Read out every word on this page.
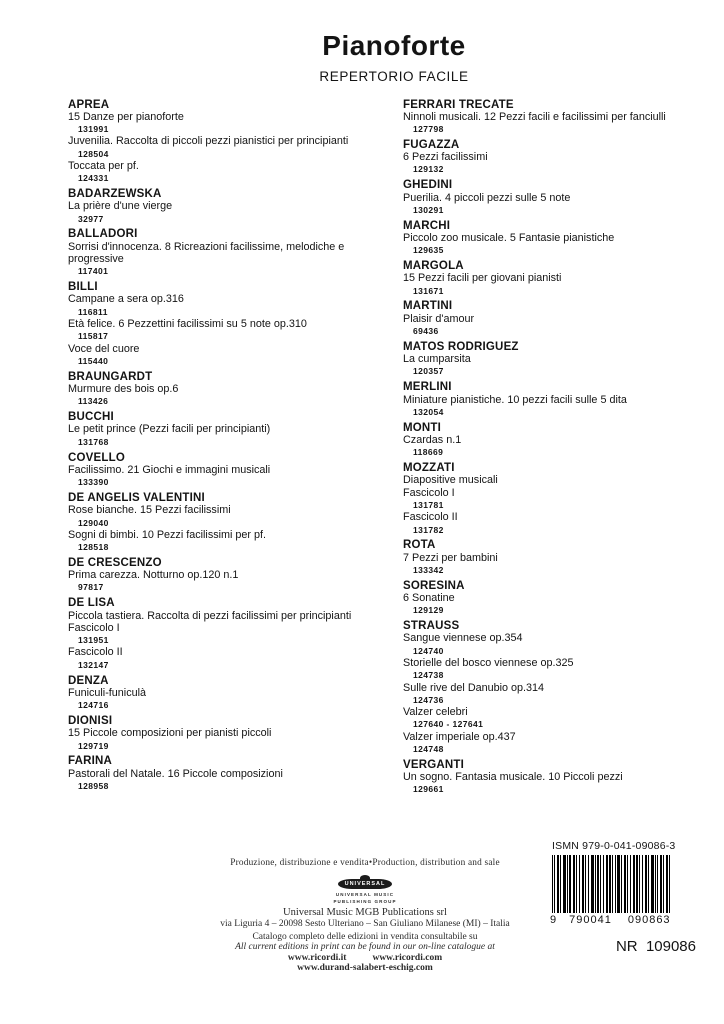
Pianoforte
REPERTORIO FACILE
APREA
15 Danze per pianoforte
131991
Juvenilia. Raccolta di piccoli pezzi pianistici per principianti
128504
Toccata per pf.
124331
BADARZEWSKA
La prière d'une vierge
32977
BALLADORI
Sorrisi d'innocenza. 8 Ricreazioni facilissime, melodiche e progressive
117401
BILLI
Campane a sera op.316
116811
Età felice. 6 Pezzettini facilissimi su 5 note op.310
115817
Voce del cuore
115440
BRAUNGARDT
Murmure des bois op.6
113426
BUCCHI
Le petit prince (Pezzi facili per principianti)
131768
COVELLO
Facilissimo. 21 Giochi e immagini musicali
133390
DE ANGELIS VALENTINI
Rose bianche. 15 Pezzi facilissimi
129040
Sogni di bimbi. 10 Pezzi facilissimi per pf.
128518
DE CRESCENZO
Prima carezza. Notturno op.120 n.1
97817
DE LISA
Piccola tastiera. Raccolta di pezzi facilissimi per principianti
Fascicolo I
131951
Fascicolo II
132147
DENZA
Funiculi-funiculà
124716
DIONISI
15 Piccole composizioni per pianisti piccoli
129719
FARINA
Pastorali del Natale. 16 Piccole composizioni
128958
FERRARI TRECATE
Ninnoli musicali. 12 Pezzi facili e facilissimi per fanciulli
127798
FUGAZZA
6 Pezzi facilissimi
129132
GHEDINI
Puerilia. 4 piccoli pezzi sulle 5 note
130291
MARCHI
Piccolo zoo musicale. 5 Fantasie pianistiche
129635
MARGOLA
15 Pezzi facili per giovani pianisti
131671
MARTINI
Plaisir d'amour
69436
MATOS RODRIGUEZ
La cumparsita
120357
MERLINI
Miniature pianistiche. 10 pezzi facili sulle 5 dita
132054
MONTI
Czardas n.1
118669
MOZZATI
Diapositive musicali
Fascicolo I
131781
Fascicolo II
131782
ROTA
7 Pezzi per bambini
133342
SORESINA
6 Sonatine
129129
STRAUSS
Sangue viennese op.354
124740
Storielle del bosco viennese op.325
124738
Sulle rive del Danubio op.314
124736
Valzer celebri
127640 - 127641
Valzer imperiale op.437
124748
VERGANTI
Un sogno. Fantasia musicale. 10 Piccoli pezzi
129661
Produzione, distribuzione e vendita•Production, distribution and sale
UNIVERSAL
UNIVERSAL MUSIC
PUBLISHING GROUP
Universal Music MGB Publications srl
via Liguria 4 – 20098 Sesto Ulteriano – San Giuliano Milanese (MI) – Italia
Catalogo completo delle edizioni in vendita consultabile su
All current editions in print can be found in our on-line catalogue at
www.ricordi.it	www.ricordi.com
www.durand-salabert-eschig.com
ISMN 979-0-041-09086-3
9 790041 090863
NR  109086
